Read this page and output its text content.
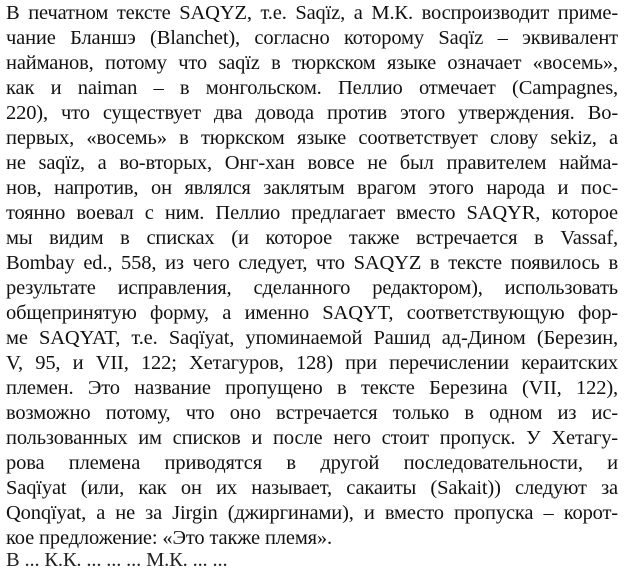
В печатном тексте SAQYZ, т.е. Saqïz, а М.К. воспроизводит приме-

чание Бланшэ (Blanchet), согласно которому Saqïz – эквивалент

найманов, потому что saqïz в тюркском языке означает «восемь»,

как и naiman – в монгольском. Пеллио отмечает (Campagnes,

220), что существует два довода против этого утверждения. Во-

первых, «восемь» в тюркском языке соответствует слову sekiz, а

не saqïz, а во-вторых, Онг-хан вовсе не был правителем найма-

нов, напротив, он являлся заклятым врагом этого народа и пос-

тоянно воевал с ним. Пеллио предлагает вместо SAQYR, которое

мы видим в списках (и которое также встречается в Vassaf,

Bombay ed., 558, из чего следует, что SAQYZ в тексте появилось в

результате исправления, сделанного редактором), использовать

общепринятую форму, а именно SAQYT, соответствующую фор-

ме SAQYAT, т.е. Saqïyat, упоминаемой Рашид ад-Дином (Березин,

V, 95, и VII, 122; Хетагуров, 128) при перечислении кераитских

племен. Это название пропущено в тексте Березина (VII, 122),

возможно потому, что оно встречается только в одном из ис-

пользованных им списков и после него стоит пропуск. У Хетагу-

рова племена приводятся в другой последовательности, и

Saqïyat (или, как он их называет, сакаиты (Sakait)) следуют за

Qonqïyat, а не за Jirgin (джиргинами), и вместо пропуска – корот-

кое предложение: «Это также племя».

В ... К.К. ... ... ... М.К. ... ...
